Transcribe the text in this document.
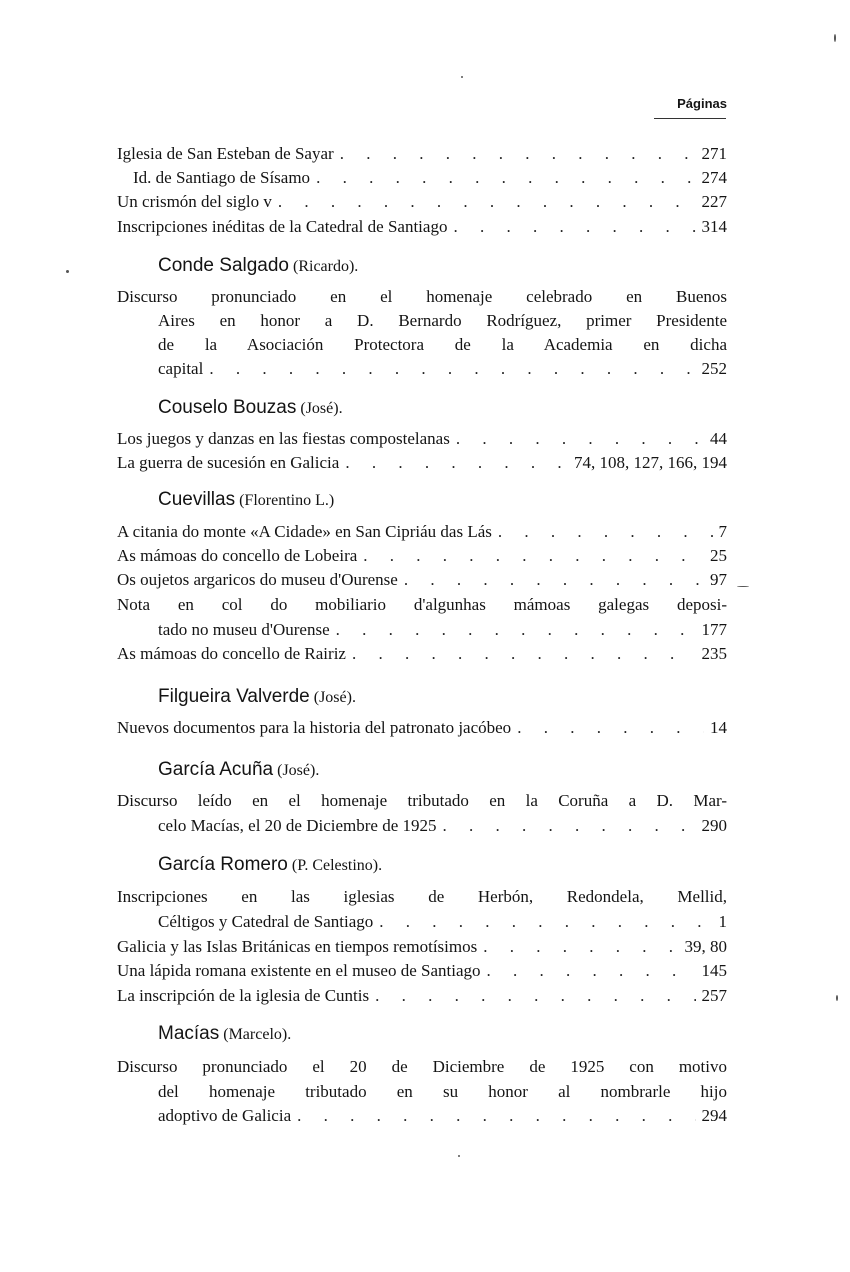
Páginas
Iglesia de San Esteban de Sayar . . .	271
Id. de Santiago de Sísamo . . .	274
Un crismón del siglo v . . .	227
Inscripciones inéditas de la Catedral de Santiago . . .	314
Conde Salgado (Ricardo).
Discurso pronunciado en el homenaje celebrado en Buenos
Aires en honor a D. Bernardo Rodríguez, primer Presidente
de la Asociación Protectora de la Academia en dicha
capital . . .	252
Couselo Bouzas (José).
Los juegos y danzas en las fiestas compostelanas . . .	44
La guerra de sucesión en Galicia . . .	74, 108, 127, 166, 194
Cuevillas (Florentino L.)
A citania do monte «A Cidade» en San Cipriáu das Lás . . .	7
As mámoas do concello de Lobeira . . .	25
Os oujetos argaricos do museu d'Ourense . . .	97
Nota en col do mobiliario d'algunhas mámoas galegas deposi-
tado no museu d'Ourense . . .	177
As mámoas do concello de Rairiz . . .	235
Filgueira Valverde (José).
Nuevos documentos para la historia del patronato jacóbeo . . .	14
García Acuña (José).
Discurso leído en el homenaje tributado en la Coruña a D. Mar-
celo Macías, el 20 de Diciembre de 1925 . . .	290
García Romero (P. Celestino).
Inscripciones en las iglesias de Herbón, Redondela, Mellid,
Céltigos y Catedral de Santiago . . .	1
Galicia y las Islas Británicas en tiempos remotísimos . . .	39, 80
Una lápida romana existente en el museo de Santiago . . .	145
La inscripción de la iglesia de Cuntis . . .	257
Macías (Marcelo).
Discurso pronunciado el 20 de Diciembre de 1925 con motivo
del homenaje tributado en su honor al nombrarle hijo
adoptivo de Galicia . . .	294
